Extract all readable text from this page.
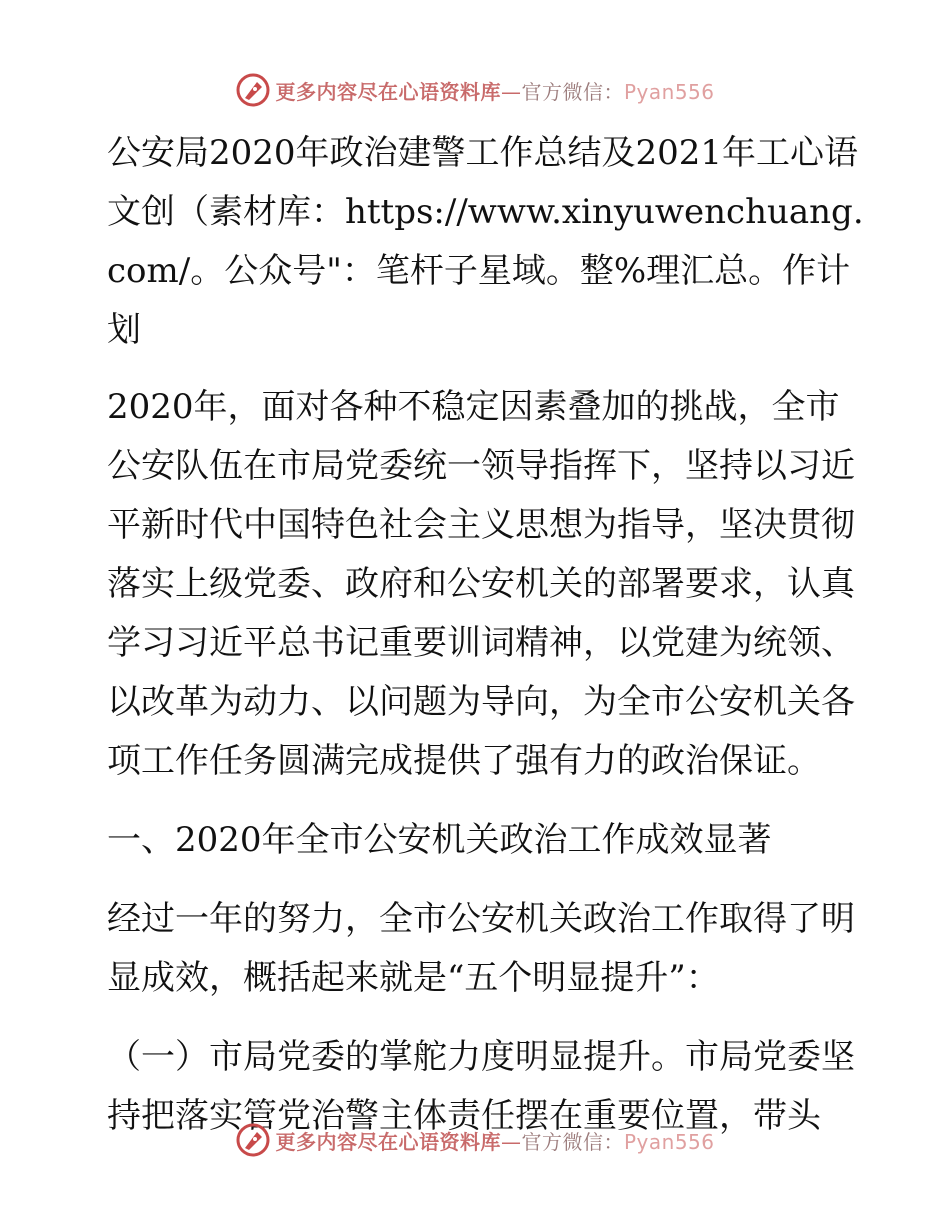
更多内容尽在心语资料库—官方微信：Pyan556

公安局2020年政治建警工作总结及2021年工心语文创（素材库：https://www.xinyuwenchuang.com/。公众号"：笔杆子星域。整%理汇总。作计划

2020年，面对各种不稳定因素叠加的挑战，全市公安队伍在市局党委统一领导指挥下，坚持以习近平新时代中国特色社会主义思想为指导，坚决贯彻落实上级党委、政府和公安机关的部署要求，认真学习习近平总书记重要训词精神，以党建为统领、以改革为动力、以问题为导向，为全市公安机关各项工作任务圆满完成提供了强有力的政治保证。

一、2020年全市公安机关政治工作成效显著

经过一年的努力，全市公安机关政治工作取得了明显成效，概括起来就是“五个明显提升”：

（一）市局党委的掌舵力度明显提升。市局党委坚持把落实管党治警主体责任摆在重要位置，带头

更多内容尽在心语资料库—官方微信：Pyan556
